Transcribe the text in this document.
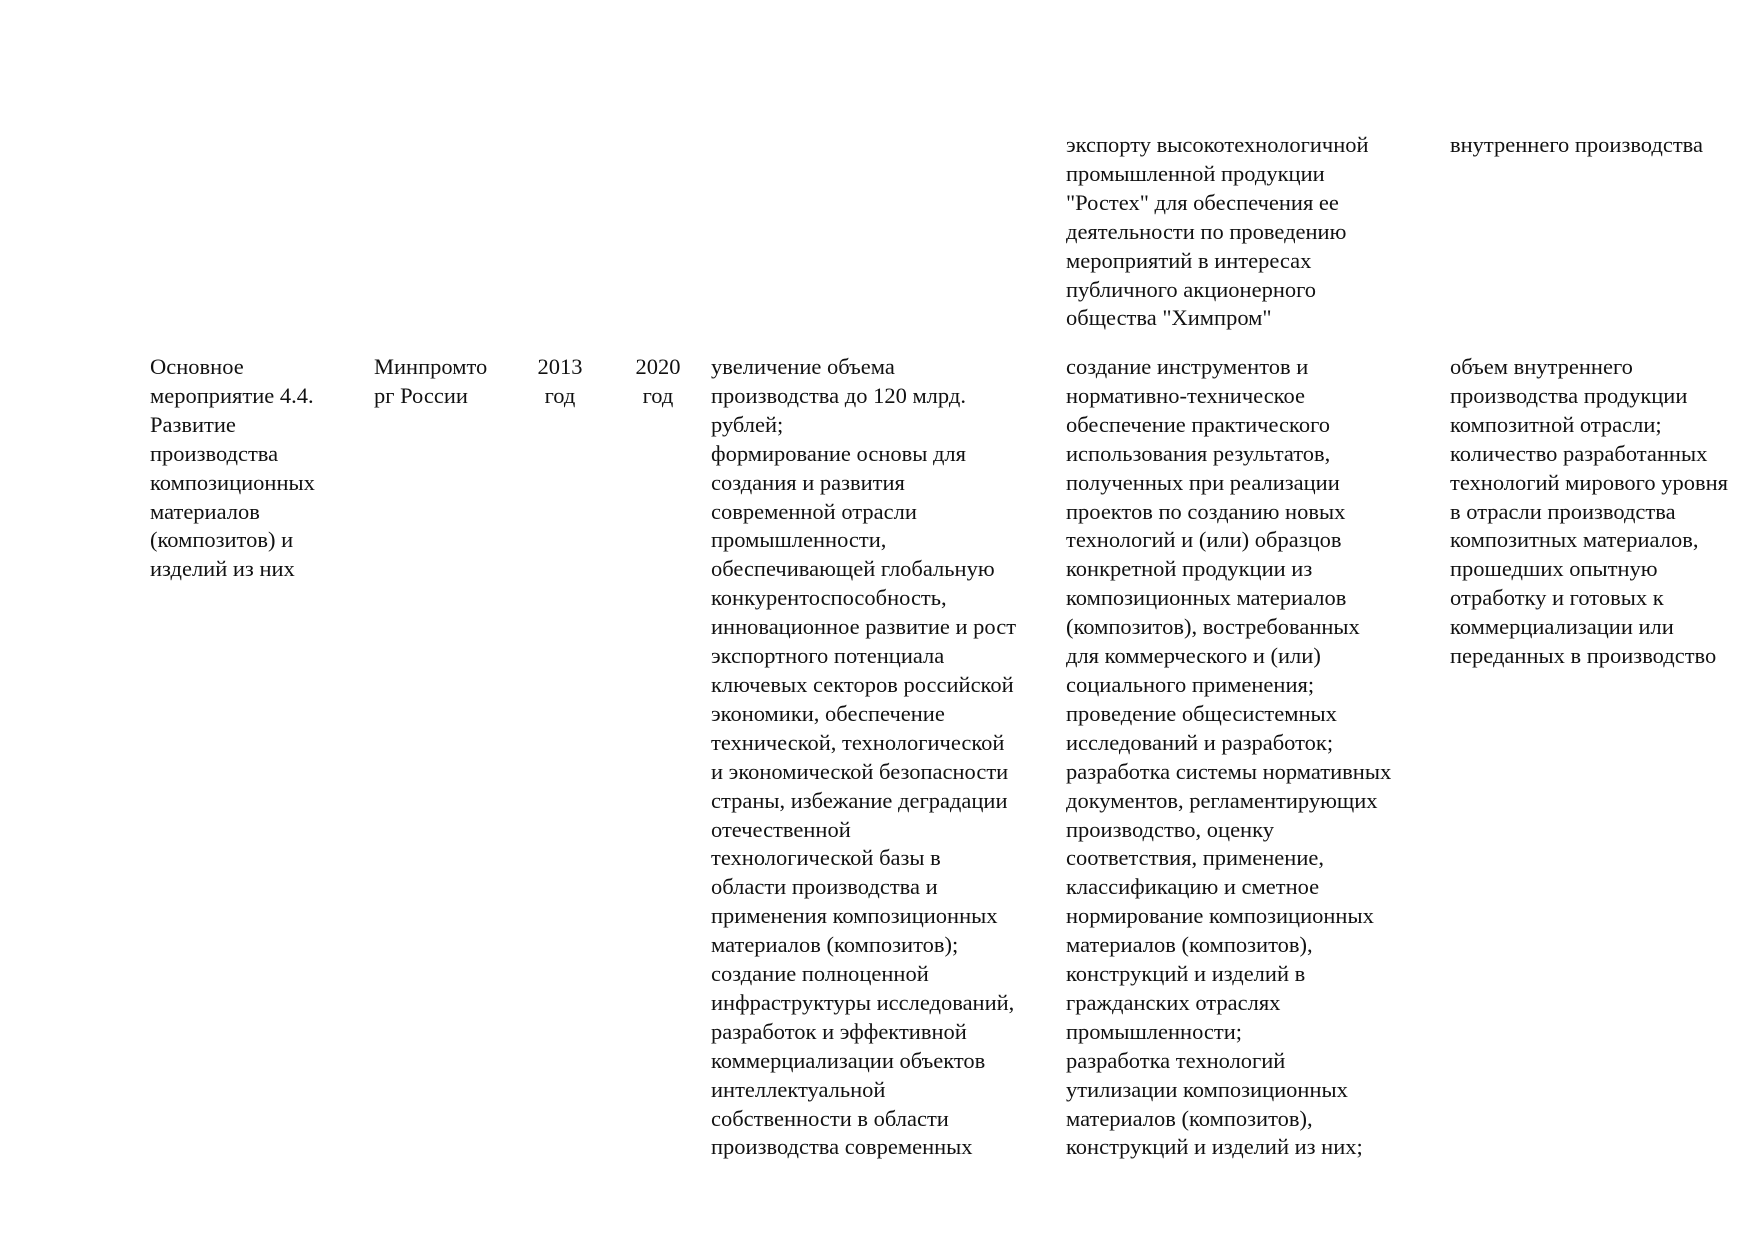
экспорту высокотехнологичной
промышленной продукции
"Ростех" для обеспечения ее
деятельности по проведению
мероприятий в интересах
публичного акционерного
общества "Химпром"
внутреннего производства
Основное
мероприятие 4.4.
Развитие
производства
композиционных
материалов
(композитов) и
изделий из них
Минпромто
рг России
2013
год
2020
год
увеличение объема
производства до 120 млрд.
рублей;
формирование основы для
создания и развития
современной отрасли
промышленности,
обеспечивающей глобальную
конкурентоспособность,
инновационное развитие и рост
экспортного потенциала
ключевых секторов российской
экономики, обеспечение
технической, технологической
и экономической безопасности
страны, избежание деградации
отечественной
технологической базы в
области производства и
применения композиционных
материалов (композитов);
создание полноценной
инфраструктуры исследований,
разработок и эффективной
коммерциализации объектов
интеллектуальной
собственности в области
производства современных
создание инструментов и
нормативно-техническое
обеспечение практического
использования результатов,
полученных при реализации
проектов по созданию новых
технологий и (или) образцов
конкретной продукции из
композиционных материалов
(композитов), востребованных
для коммерческого и (или)
социального применения;
проведение общесистемных
исследований и разработок;
разработка системы нормативных
документов, регламентирующих
производство, оценку
соответствия, применение,
классификацию и сметное
нормирование композиционных
материалов (композитов),
конструкций и изделий в
гражданских отраслях
промышленности;
разработка технологий
утилизации композиционных
материалов (композитов),
конструкций и изделий из них;
объем внутреннего
производства продукции
композитной отрасли;
количество разработанных
технологий мирового уровня
в отрасли производства
композитных материалов,
прошедших опытную
отработку и готовых к
коммерциализации или
переданных в производство
